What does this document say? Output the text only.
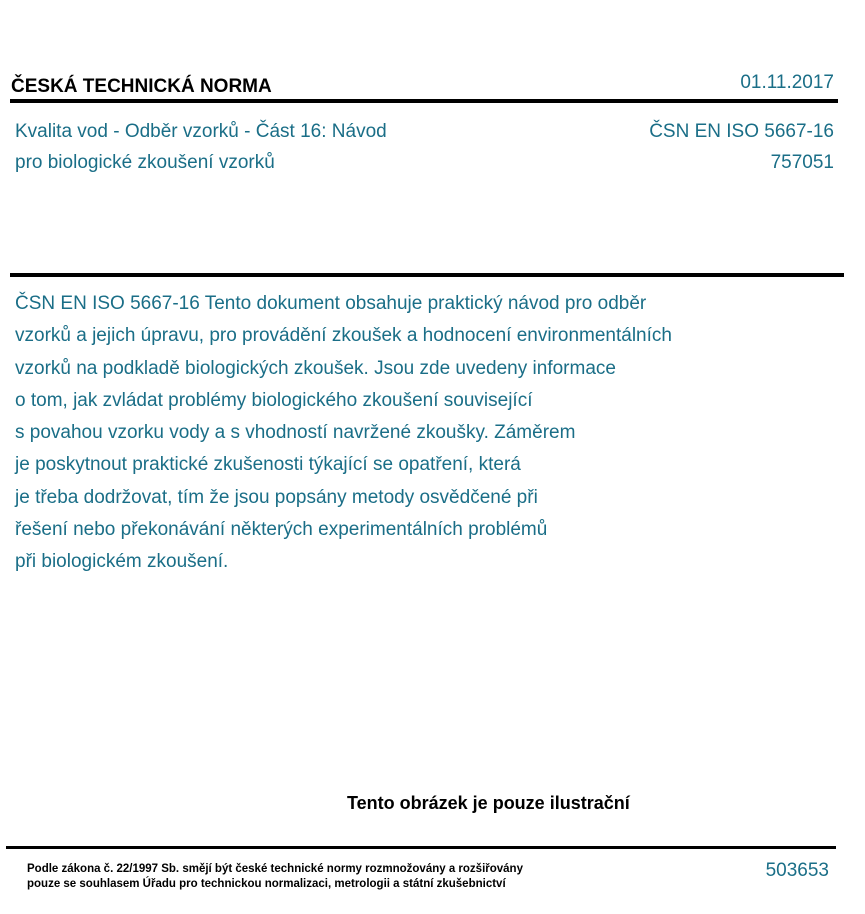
ČESKÁ TECHNICKÁ NORMA	01.11.2017
Kvalita vod - Odběr vzorků - Část 16: Návod
pro biologické zkoušení vzorků
ČSN EN ISO 5667-16
757051
ČSN EN ISO 5667-16 Tento dokument obsahuje praktický návod pro odběr
vzorků a jejich úpravu, pro provádění zkoušek a hodnocení environmentálních
vzorků na podkladě biologických zkoušek. Jsou zde uvedeny informace
o tom, jak zvládat problémy biologického zkoušení související
s povahou vzorku vody a s vhodností navržené zkoušky. Záměrem
je poskytnout praktické zkušenosti týkající se opatření, která
je třeba dodržovat, tím že jsou popsány metody osvědčené při
řešení nebo překonávání některých experimentálních problémů
při biologickém zkoušení.
Tento obrázek je pouze ilustrační
Podle zákona č. 22/1997 Sb. smějí být české technické normy rozmnožovány a rozšiřovány
pouze se souhlasem Úřadu pro technickou normalizaci, metrologii a státní zkušebnictví
503653
